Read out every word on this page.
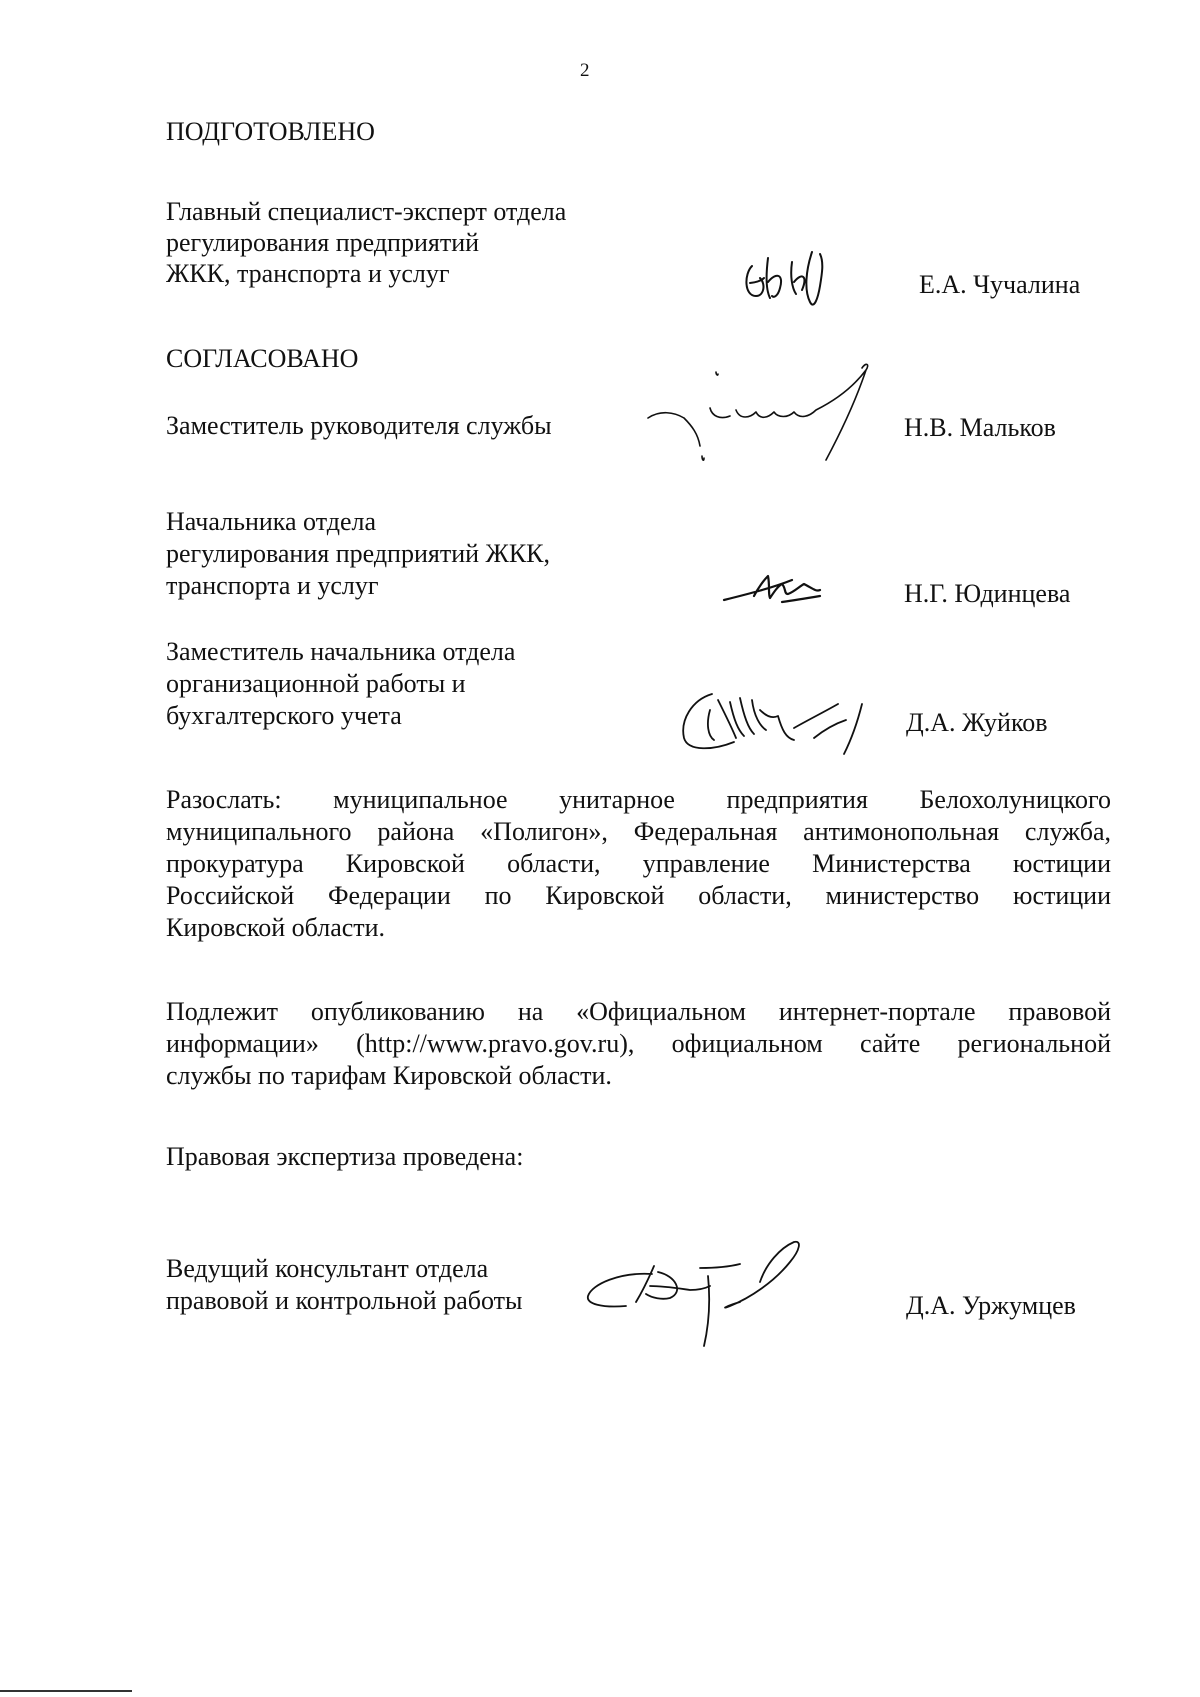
2
ПОДГОТОВЛЕНО
Главный специалист-эксперт отдела
регулирования предприятий
ЖКК, транспорта и услуг	Е.А. Чучалина
СОГЛАСОВАНО
Заместитель руководителя службы	Н.В. Мальков
Начальника отдела
регулирования предприятий ЖКК,
транспорта и услуг	Н.Г. Юдинцева
Заместитель начальника отдела
организационной работы и
бухгалтерского учета	Д.А. Жуйков
Разослать: муниципальное унитарное предприятия Белохолуницкого
муниципального района «Полигон», Федеральная антимонопольная служба,
прокуратура Кировской области, управление Министерства юстиции
Российской Федерации по Кировской области, министерство юстиции
Кировской области.
Подлежит опубликованию на «Официальном интернет-портале правовой
информации» (http://www.pravo.gov.ru), официальном сайте региональной
службы по тарифам Кировской области.
Правовая экспертиза проведена:
Ведущий консультант отдела
правовой и контрольной работы	Д.А. Уржумцев
